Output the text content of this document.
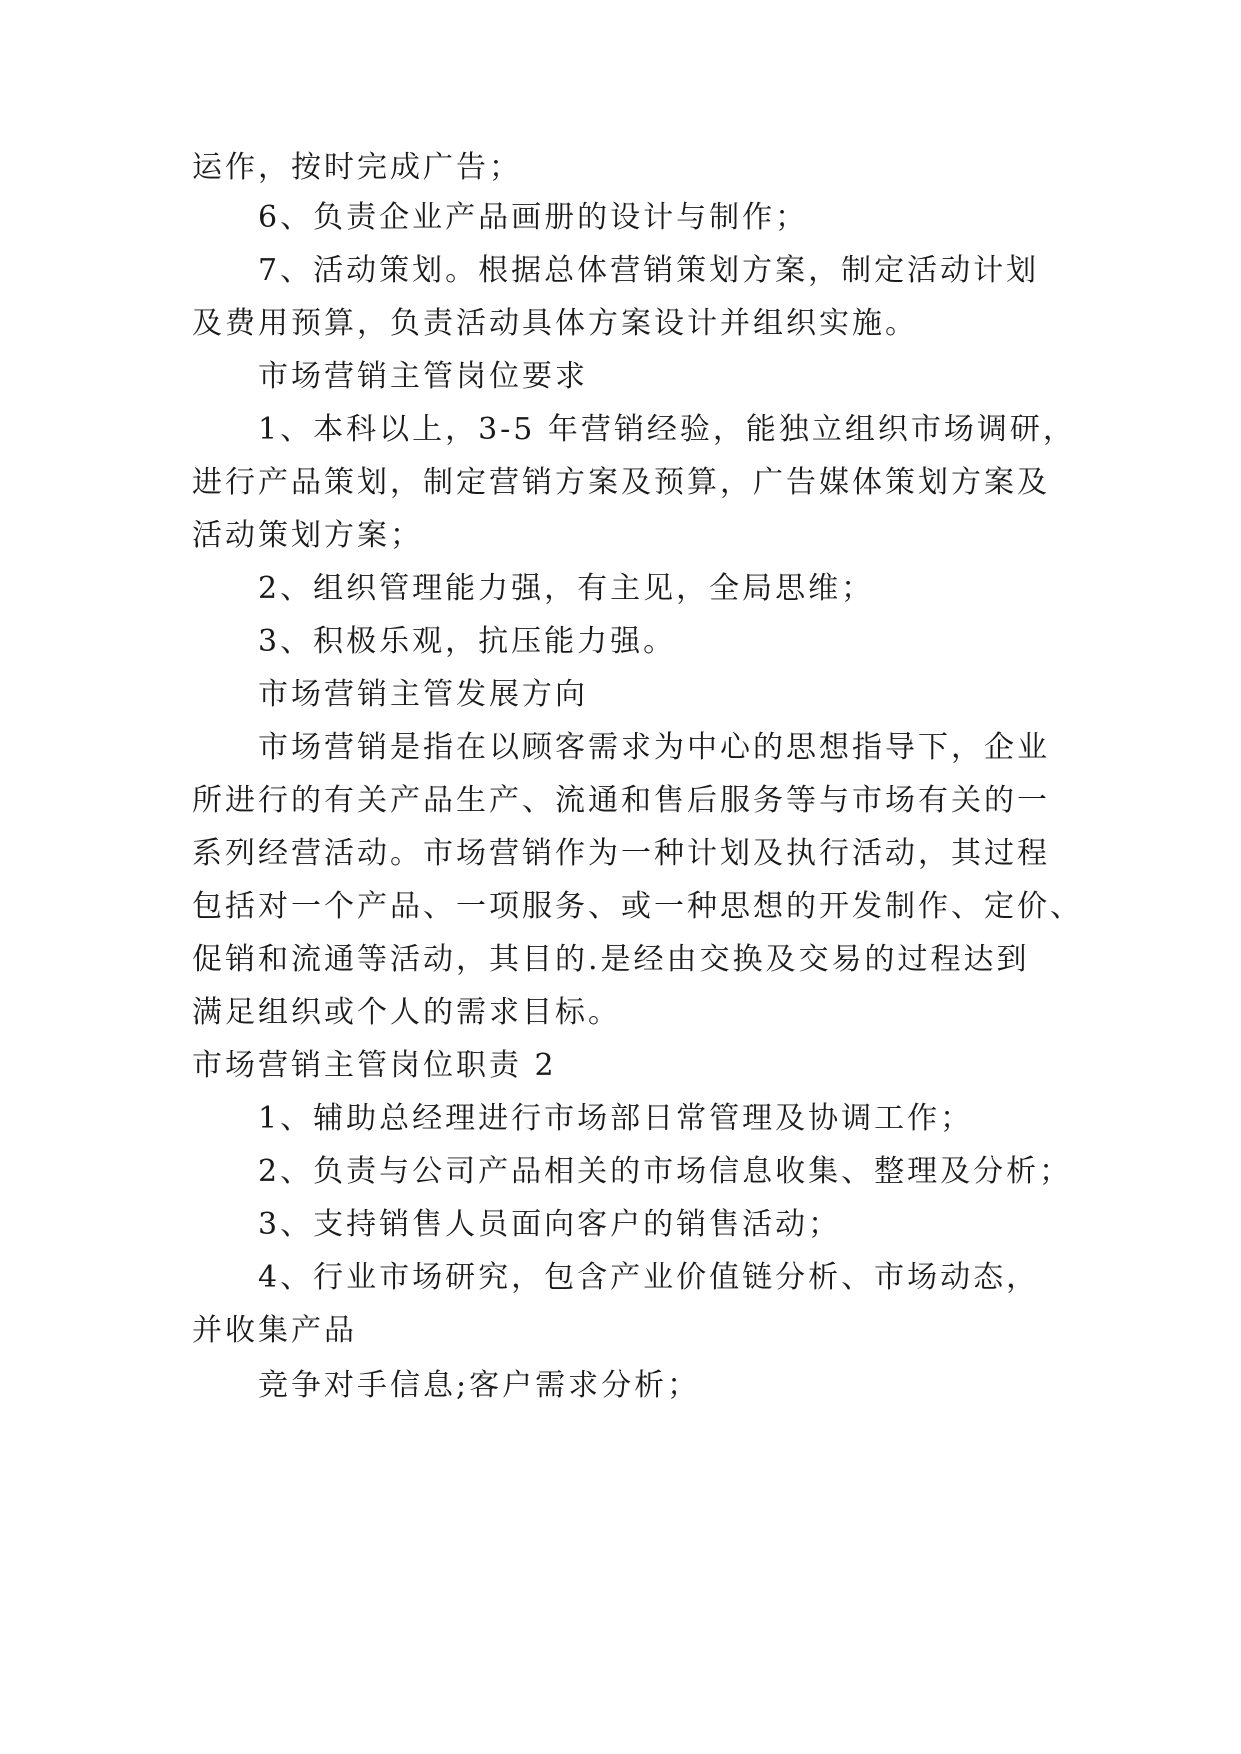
运作，按时完成广告；
6、负责企业产品画册的设计与制作；
7、活动策划。根据总体营销策划方案，制定活动计划
及费用预算，负责活动具体方案设计并组织实施。
市场营销主管岗位要求
1、本科以上，3-5 年营销经验，能独立组织市场调研，
进行产品策划，制定营销方案及预算，广告媒体策划方案及
活动策划方案；
2、组织管理能力强，有主见，全局思维；
3、积极乐观，抗压能力强。
市场营销主管发展方向
市场营销是指在以顾客需求为中心的思想指导下，企业
所进行的有关产品生产、流通和售后服务等与市场有关的一
系列经营活动。市场营销作为一种计划及执行活动，其过程
包括对一个产品、一项服务、或一种思想的开发制作、定价、
促销和流通等活动，其目的.是经由交换及交易的过程达到
满足组织或个人的需求目标。
市场营销主管岗位职责 2
1、辅助总经理进行市场部日常管理及协调工作；
2、负责与公司产品相关的市场信息收集、整理及分析；
3、支持销售人员面向客户的销售活动；
4、行业市场研究，包含产业价值链分析、市场动态，
并收集产品
竞争对手信息;客户需求分析；
